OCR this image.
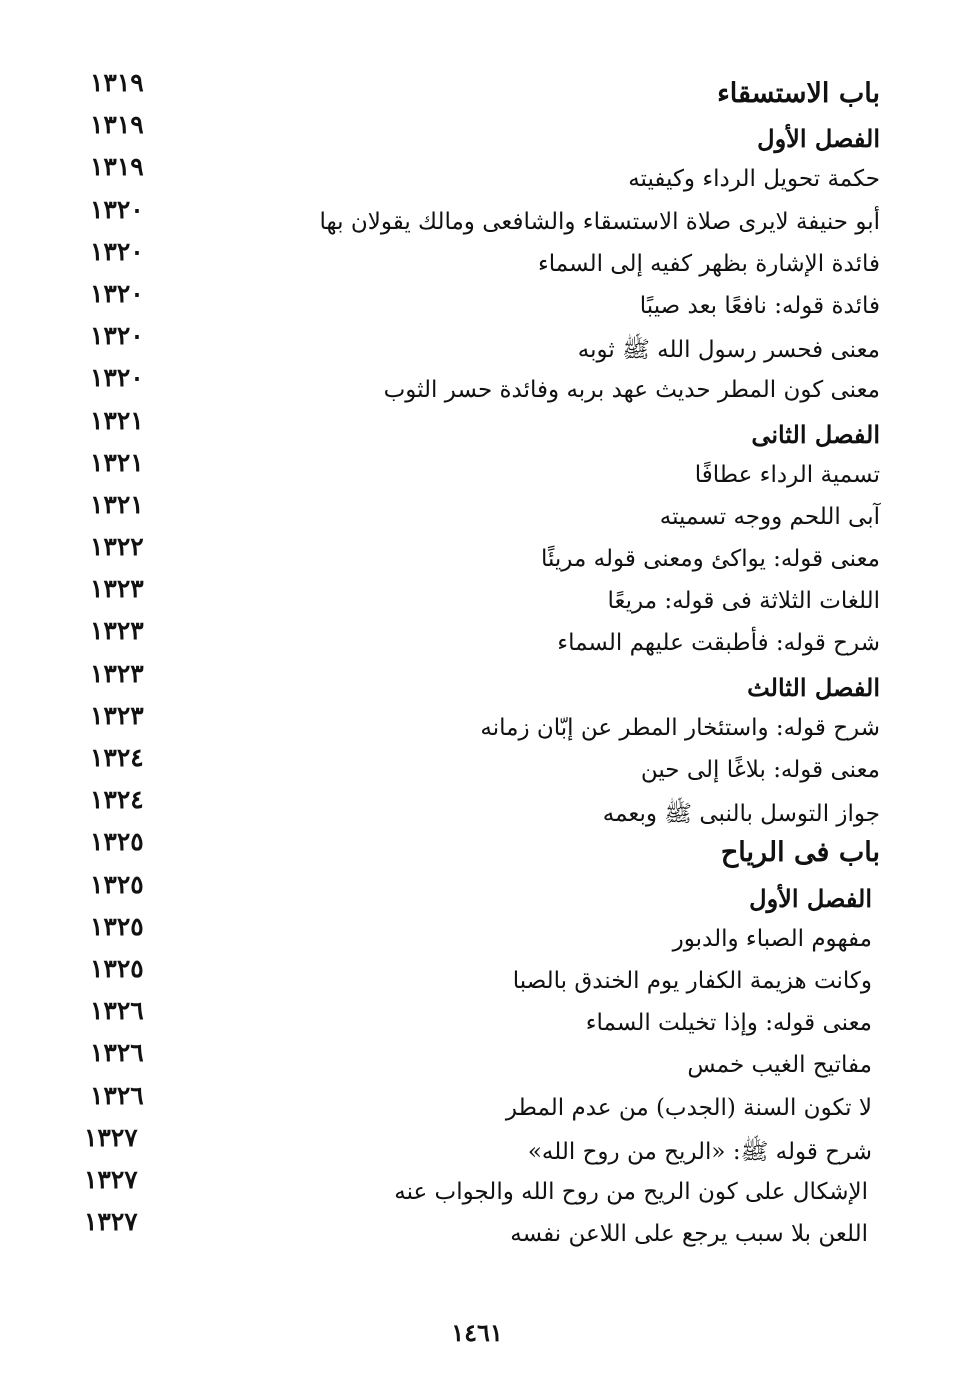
١٣١٩	باب الاستسقاء
١٣١٩	الفصل الأول
١٣١٩	حكمة تحويل الرداء وكيفيته
١٣٢٠	أبو حنيفة لايرى صلاة الاستسقاء والشافعى ومالك يقولان بها
١٣٢٠	فائدة الإشارة بظهر كفيه إلى السماء
١٣٢٠	فائدة قوله: نافعًا بعد صيبًا
١٣٢٠	معنى فحسر رسول الله ﷺ ثوبه
١٣٢٠	معنى كون المطر حديث عهد بربه وفائدة حسر الثوب
١٣٢١	الفصل الثانى
١٣٢١	تسمية الرداء عطافًا
١٣٢١	آبى اللحم ووجه تسميته
١٣٢٢	معنى قوله: يواكئ ومعنى قوله مريئًا
١٣٢٣	اللغات الثلاثة فى قوله: مريعًا
١٣٢٣	شرح قوله: فأطبقت عليهم السماء
١٣٢٣	الفصل الثالث
١٣٢٣	شرح قوله: واستئخار المطر عن إبّان زمانه
١٣٢٤	معنى قوله: بلاغًا إلى حين
١٣٢٤	جواز التوسل بالنبى ﷺ وبعمه
١٣٢٥	باب فى الرياح
١٣٢٥	الفصل الأول
١٣٢٥	مفهوم الصباء والدبور
١٣٢٥	وكانت هزيمة الكفار يوم الخندق بالصبا
١٣٢٦	معنى قوله: وإذا تخيلت السماء
١٣٢٦	مفاتيح الغيب خمس
١٣٢٦	لا تكون السنة (الجدب) من عدم المطر
١٣٢٧	شرح قوله ﷺ: «الريح من روح الله»
١٣٢٧	الإشكال على كون الريح من روح الله والجواب عنه
١٣٢٧	اللعن بلا سبب يرجع على اللاعن نفسه
١٤٦١
